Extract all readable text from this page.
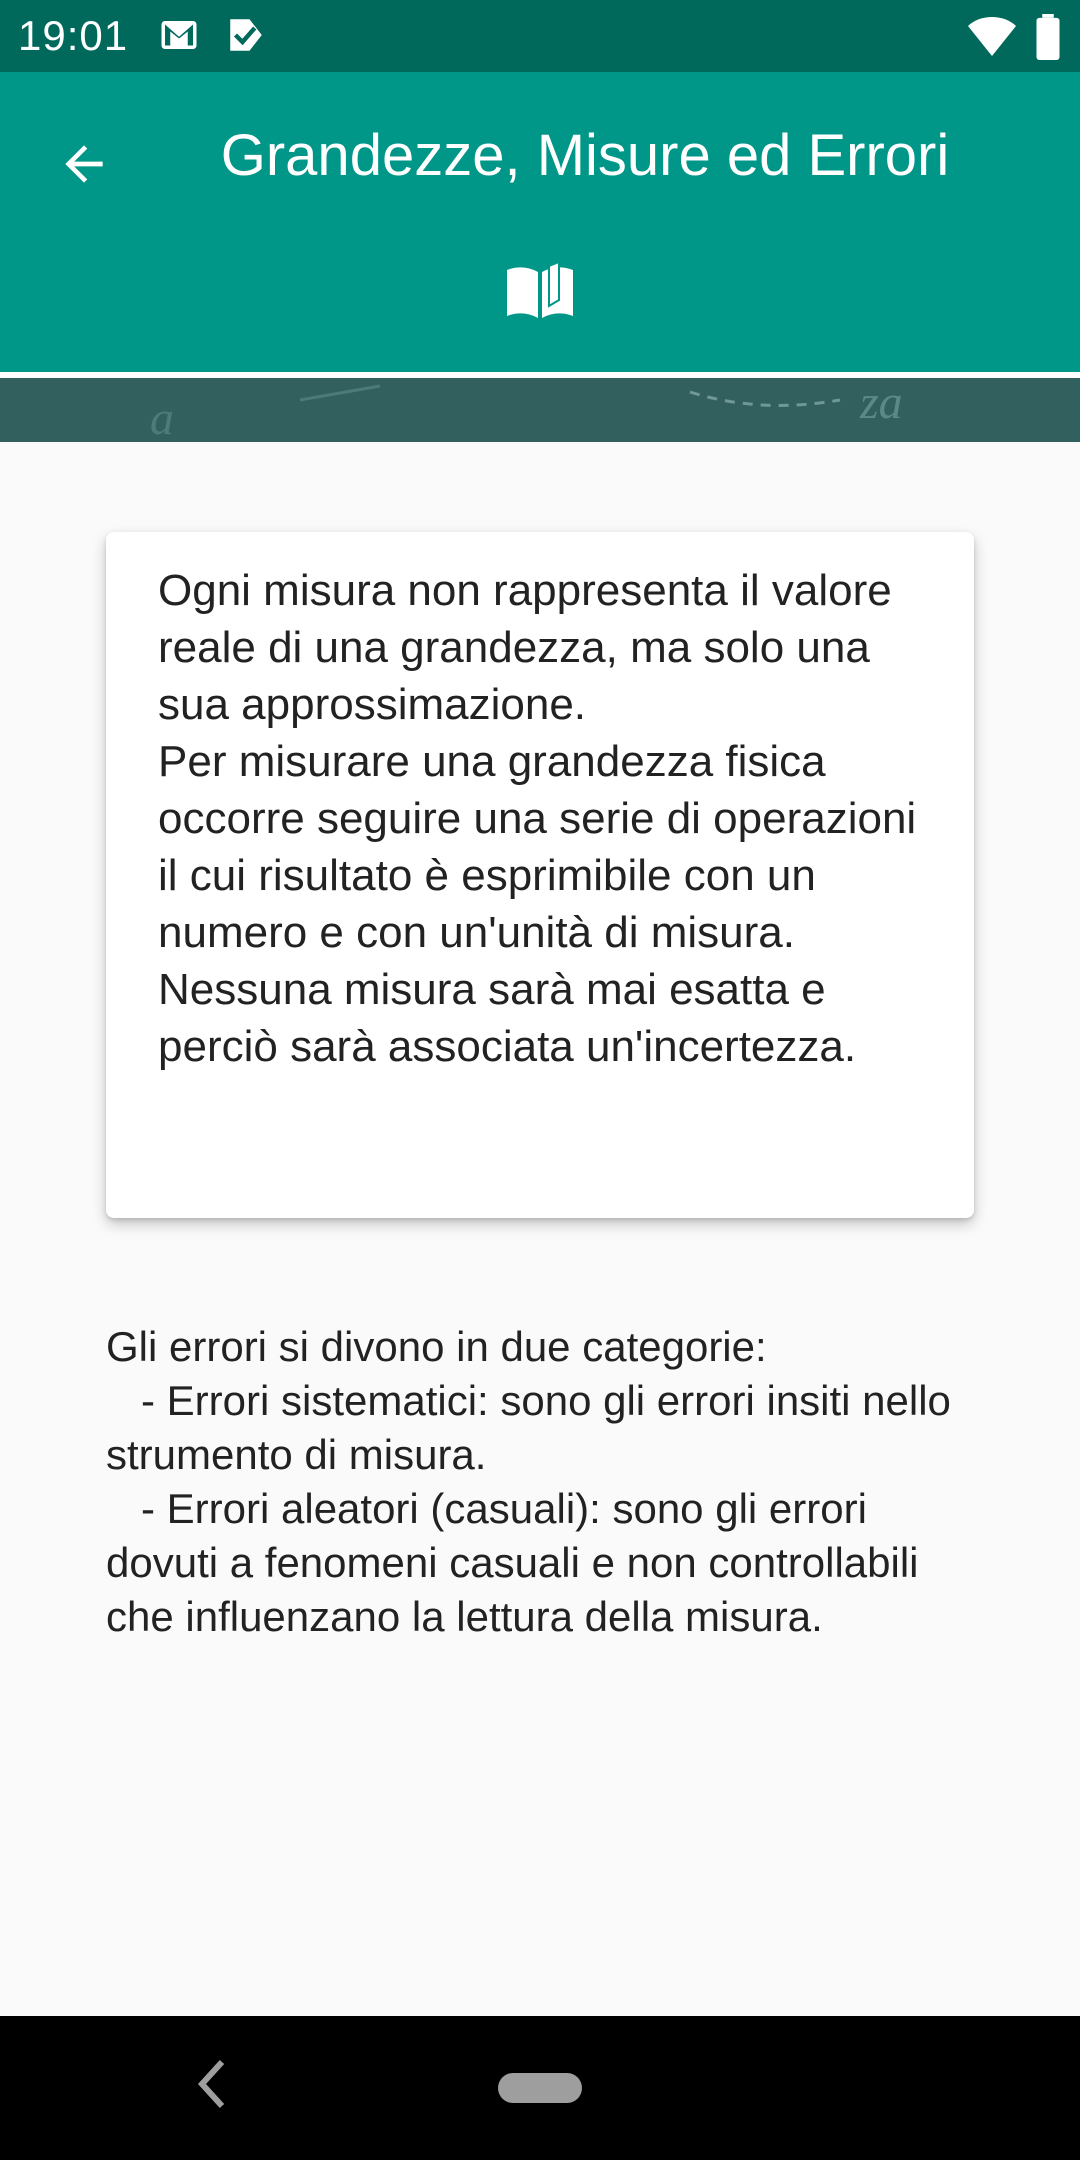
19:01
Grandezze, Misure ed Errori
a	za
Ogni misura non rappresenta il valore reale di una grandezza, ma solo una sua approssimazione.
Per misurare una grandezza fisica occorre seguire una serie di operazioni il cui risultato è esprimibile con un numero e con un'unità di misura.
Nessuna misura sarà mai esatta e perciò sarà associata un'incertezza.
Gli errori si divono in due categorie:
- Errori sistematici: sono gli errori insiti nello strumento di misura.
- Errori aleatori (casuali): sono gli errori dovuti a fenomeni casuali e non controllabili che influenzano la lettura della misura.
